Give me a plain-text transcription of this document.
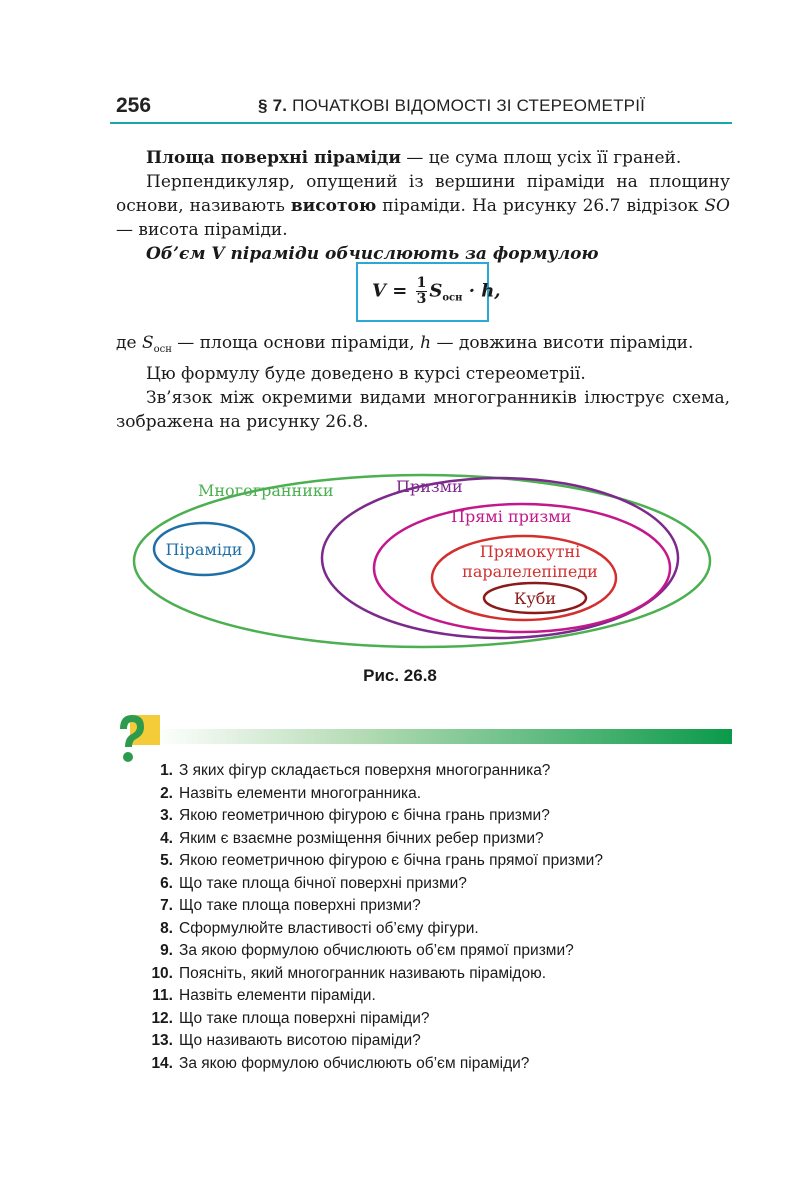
256	§ 7. ПОЧАТКОВІ ВІДОМОСТІ ЗІ СТЕРЕОМЕТРІЇ

Площа поверхні піраміди — це сума площ усіх її граней.

Перпендикуляр, опущений із вершини піраміди на площину основи, називають висотою піраміди. На рисунку 26.7 відрізок SO — висота піраміди.

Об’єм V піраміди обчислюють за формулою

$V = \frac{1}{3} S_{осн} \cdot h$,

де $S_{осн}$ — площа основи піраміди, h — довжина висоти піраміди.

Цю формулу буде доведено в курсі стереометрії.

Зв’язок між окремими видами многогранників ілюструє схема, зображена на рисунку 26.8.

Многогранники
Піраміди
Призми
Прямі призми
Прямокутні
паралелепіпеди
Куби
Рис. 26.8
1. З яких фігур складається поверхня многогранника?
2. Назвіть елементи многогранника.
3. Якою геометричною фігурою є бічна грань призми?
4. Яким є взаємне розміщення бічних ребер призми?
5. Якою геометричною фігурою є бічна грань прямої призми?
6. Що таке площа бічної поверхні призми?
7. Що таке площа поверхні призми?
8. Сформулюйте властивості об’єму фігури.
9. За якою формулою обчислюють об’єм прямої призми?
10. Поясніть, який многогранник називають пірамідою.
11. Назвіть елементи піраміди.
12. Що таке площа поверхні піраміди?
13. Що називають висотою піраміди?
14. За якою формулою обчислюють об’єм піраміди?
